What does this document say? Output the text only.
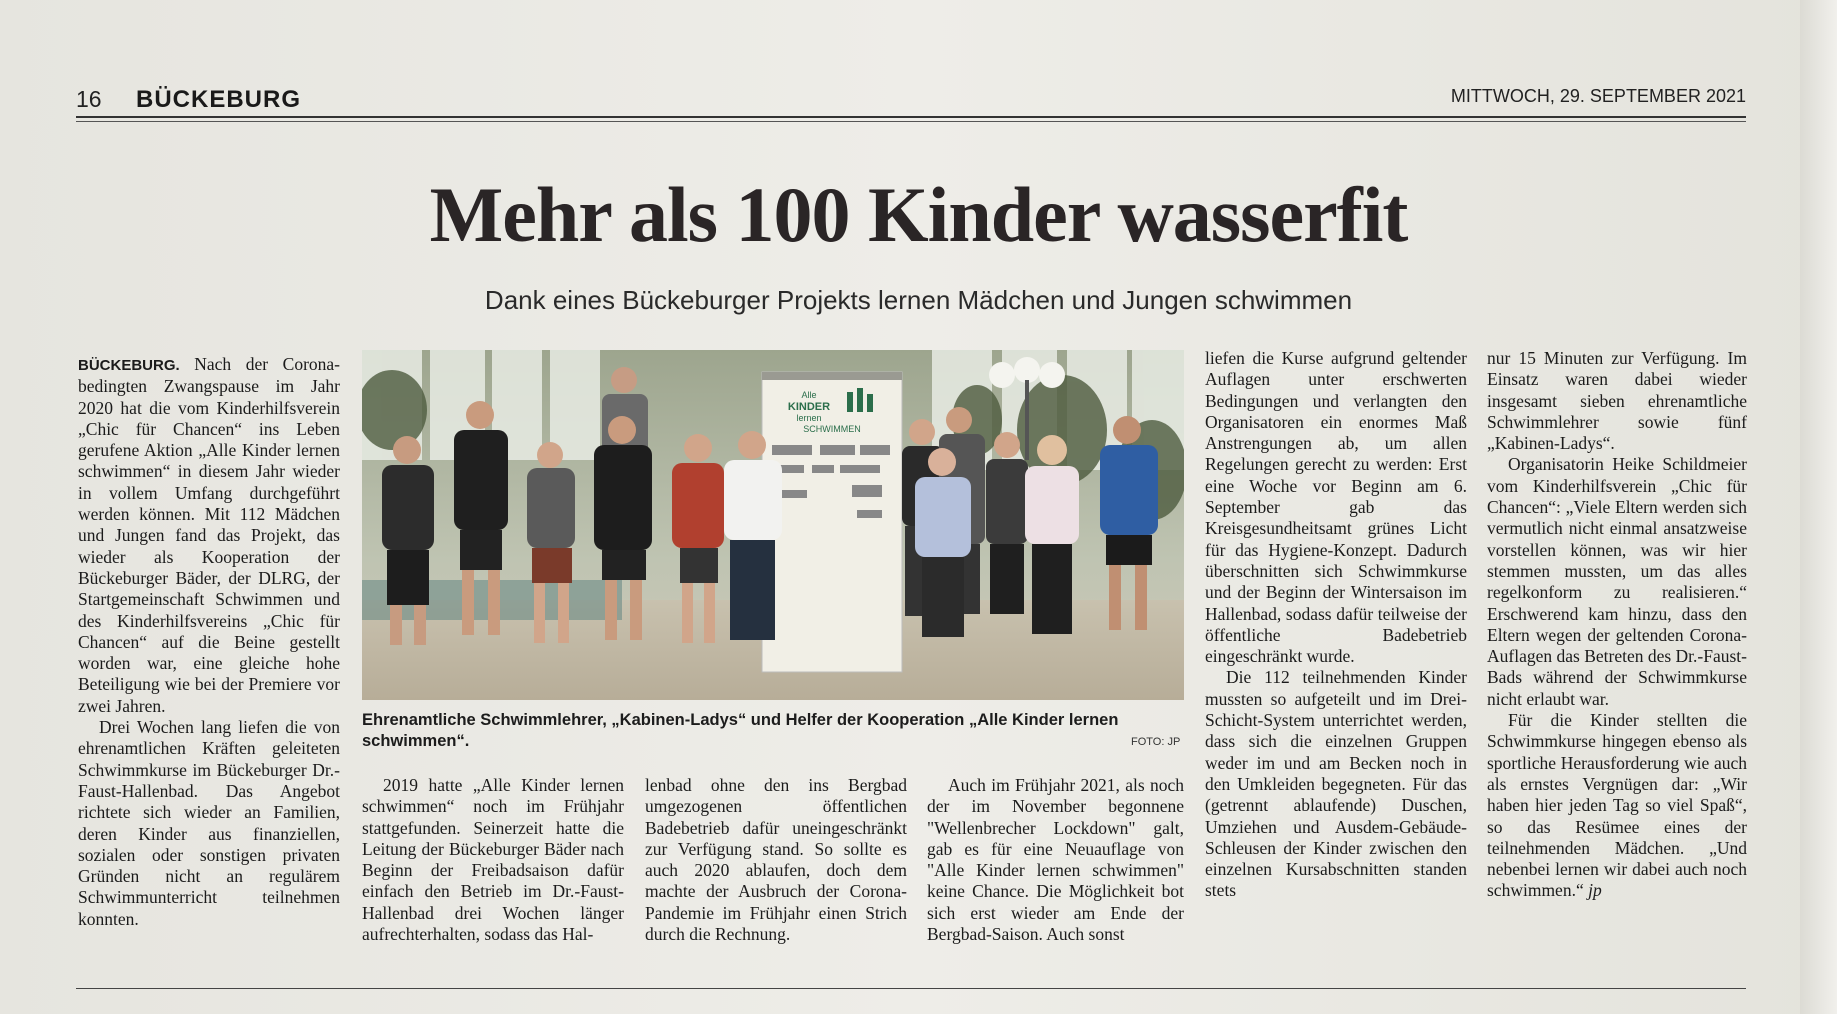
16 BÜCKEBURG	MITTWOCH, 29. SEPTEMBER 2021
Mehr als 100 Kinder wasserfit
Dank eines Bückeburger Projekts lernen Mädchen und Jungen schwimmen

BÜCKEBURG. Nach der Corona-bedingten Zwangspause im Jahr 2020 hat die vom Kinderhilfsverein „Chic für Chancen“ ins Leben gerufene Aktion „Alle Kinder lernen schwimmen“ in diesem Jahr wieder in vollem Umfang durchgeführt werden können. Mit 112 Mädchen und Jungen fand das Projekt, das wieder als Kooperation der Bückeburger Bäder, der DLRG, der Startgemeinschaft Schwimmen und des Kinderhilfsvereins „Chic für Chancen“ auf die Beine gestellt worden war, eine gleiche hohe Beteiligung wie bei der Premiere vor zwei Jahren.

Drei Wochen lang liefen die von ehrenamtlichen Kräften geleiteten Schwimmkurse im Bückeburger Dr.-Faust-Hallenbad. Das Angebot richtete sich wieder an Familien, deren Kinder aus finanziellen, sozialen oder sonstigen privaten Gründen nicht an regulärem Schwimmunterricht teilnehmen konnten.

Alle
KINDER
lernen
SCHWIMMEN
Ehrenamtliche Schwimmlehrer, „Kabinen-Ladys“ und Helfer der Kooperation „Alle Kinder lernen schwimmen“.	FOTO: JP

2019 hatte „Alle Kinder lernen schwimmen“ noch im Frühjahr stattgefunden. Seinerzeit hatte die Leitung der Bückeburger Bäder nach Beginn der Freibadsaison dafür einfach den Betrieb im Dr.-Faust-Hallenbad drei Wochen länger aufrechterhalten, sodass das Hal-

lenbad ohne den ins Bergbad umgezogenen öffentlichen Badebetrieb dafür uneingeschränkt zur Verfügung stand. So sollte es auch 2020 ablaufen, doch dem machte der Ausbruch der Corona-Pandemie im Frühjahr einen Strich durch die Rechnung.

Auch im Frühjahr 2021, als noch der im November begonnene "Wellenbrecher Lockdown" galt, gab es für eine Neuauflage von "Alle Kinder lernen schwimmen" keine Chance. Die Möglichkeit bot sich erst wieder am Ende der Bergbad-Saison. Auch sonst

liefen die Kurse aufgrund geltender Auflagen unter erschwerten Bedingungen und verlangten den Organisatoren ein enormes Maß Anstrengungen ab, um allen Regelungen gerecht zu werden: Erst eine Woche vor Beginn am 6. September gab das Kreisgesundheitsamt grünes Licht für das Hygiene-Konzept. Dadurch überschnitten sich Schwimmkurse und der Beginn der Wintersaison im Hallenbad, sodass dafür teilweise der öffentliche Badebetrieb eingeschränkt wurde.

Die 112 teilnehmenden Kinder mussten so aufgeteilt und im Drei-Schicht-System unterrichtet werden, dass sich die einzelnen Gruppen weder im und am Becken noch in den Umkleiden begegneten. Für das (getrennt ablaufende) Duschen, Umziehen und Ausdem-Gebäude-Schleusen der Kinder zwischen den einzelnen Kursabschnitten standen stets

nur 15 Minuten zur Verfügung. Im Einsatz waren dabei wieder insgesamt sieben ehrenamtliche Schwimmlehrer sowie fünf „Kabinen-Ladys“.

Organisatorin Heike Schildmeier vom Kinderhilfsverein „Chic für Chancen“: „Viele Eltern werden sich vermutlich nicht einmal ansatzweise vorstellen können, was wir hier stemmen mussten, um das alles regelkonform zu realisieren.“ Erschwerend kam hinzu, dass den Eltern wegen der geltenden Corona-Auflagen das Betreten des Dr.-Faust-Bads während der Schwimmkurse nicht erlaubt war.

Für die Kinder stellten die Schwimmkurse hingegen ebenso als sportliche Herausforderung wie auch als ernstes Vergnügen dar: „Wir haben hier jeden Tag so viel Spaß“, so das Resümee eines der teilnehmenden Mädchen. „Und nebenbei lernen wir dabei auch noch schwimmen.“ jp
